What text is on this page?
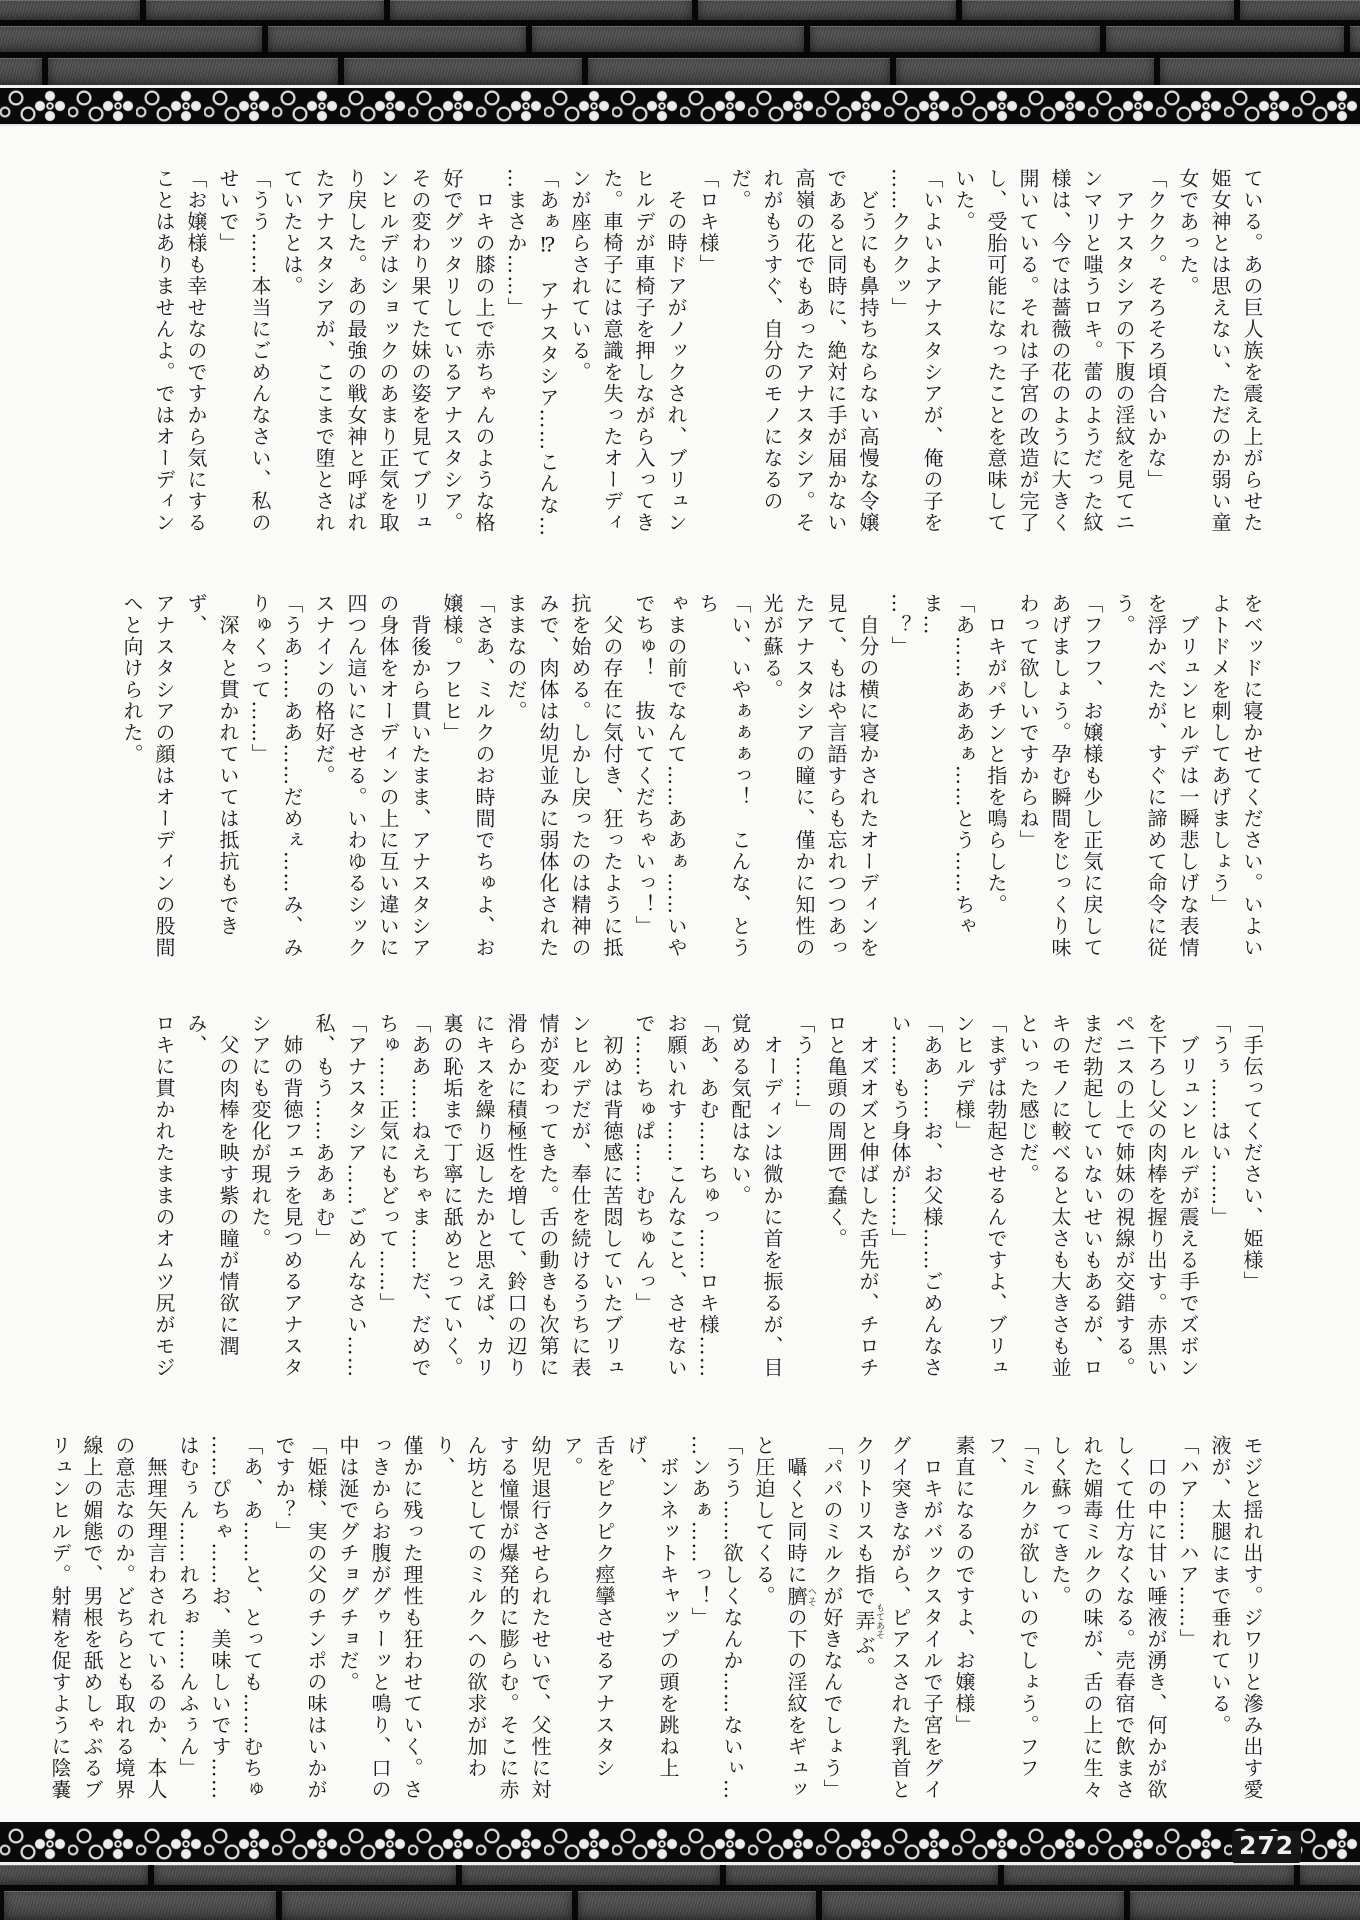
ている。あの巨人族を震え上がらせた
姫女神とは思えない、ただのか弱い童
女であった。
「ククク。そろそろ頃合いかな」
　アナスタシアの下腹の淫紋を見てニ
ンマリと嗤うロキ。蕾のようだった紋
様は、今では薔薇の花のように大きく
開いている。それは子宮の改造が完了
し、受胎可能になったことを意味して
いた。
「いよいよアナスタシアが、俺の子を
……クククッ」
　どうにも鼻持ちならない高慢な令嬢
であると同時に、絶対に手が届かない
高嶺の花でもあったアナスタシア。そ
れがもうすぐ、自分のモノになるのだ。
「ロキ様」
　その時ドアがノックされ、ブリュン
ヒルデが車椅子を押しながら入ってき
た。車椅子には意識を失ったオーディ
ンが座らされている。
「あぁ⁉　アナスタシア……こんな…
…まさか……」
　ロキの膝の上で赤ちゃんのような格
好でグッタリしているアナスタシア。
その変わり果てた妹の姿を見てブリュ
ンヒルデはショックのあまり正気を取
り戻した。あの最強の戦女神と呼ばれ
たアナスタシアが、ここまで堕とされ
ていたとは。
「うう……本当にごめんなさい、私の
せいで」
「お嬢様も幸せなのですから気にする
ことはありませんよ。ではオーディン
をベッドに寝かせてください。いよい
よトドメを刺してあげましょう」
　ブリュンヒルデは一瞬悲しげな表情
を浮かべたが、すぐに諦めて命令に従
う。
「フフフ、お嬢様も少し正気に戻して
あげましょう。孕む瞬間をじっくり味
わって欲しいですからね」
　ロキがパチンと指を鳴らした。
「あ……あああぁ……とう……ちゃま…
…？」
　自分の横に寝かされたオーディンを
見て、もはや言語すらも忘れつつあっ
たアナスタシアの瞳に、僅かに知性の
光が蘇る。
「い、いやぁぁぁっ！　こんな、とうち
ゃまの前でなんて……ああぁ……いや
でちゅ！　抜いてくだちゃいっ！」
　父の存在に気付き、狂ったように抵
抗を始める。しかし戻ったのは精神の
みで、肉体は幼児並みに弱体化された
ままなのだ。
「さあ、ミルクのお時間でちゅよ、お
嬢様。フヒヒ」
　背後から貫いたまま、アナスタシア
の身体をオーディンの上に互い違いに
四つん這いにさせる。いわゆるシック
スナインの格好だ。
「うあ……ああ……だめぇ……み、み
りゅくって……」
　深々と貫かれていては抵抗もできず、
アナスタシアの顔はオーディンの股間
へと向けられた。
「手伝ってください、姫様」
「うぅ……はい……」
　ブリュンヒルデが震える手でズボン
を下ろし父の肉棒を握り出す。赤黒い
ペニスの上で姉妹の視線が交錯する。
まだ勃起していないせいもあるが、ロ
キのモノに較べると太さも大きさも並
といった感じだ。
「まずは勃起させるんですよ、ブリュ
ンヒルデ様」
「ああ……お、お父様……ごめんなさ
い……もう身体が……」
　オズオズと伸ばした舌先が、チロチ
ロと亀頭の周囲で蠢く。
「う……」
　オーディンは微かに首を振るが、目
覚める気配はない。
「あ、あむ……ちゅっ……ロキ様……
お願いれす……こんなこと、させない
で……ちゅぱ……むちゅんっ」
　初めは背徳感に苦悶していたブリュ
ンヒルデだが、奉仕を続けるうちに表
情が変わってきた。舌の動きも次第に
滑らかに積極性を増して、鈴口の辺り
にキスを繰り返したかと思えば、カリ
裏の恥垢まで丁寧に舐めとっていく。
「ああ……ねえちゃま……だ、だめで
ちゅ……正気にもどって……」
「アナスタシア……ごめんなさい……
私、もう……ああぁむ」
　姉の背徳フェラを見つめるアナスタ
シアにも変化が現れた。
　父の肉棒を映す紫の瞳が情欲に潤み、
ロキに貫かれたままのオムツ尻がモジ
モジと揺れ出す。ジワリと滲み出す愛
液が、太腿にまで垂れている。
「ハア……ハア……」
　口の中に甘い唾液が湧き、何かが欲
しくて仕方なくなる。売春宿で飲まさ
れた媚毒ミルクの味が、舌の上に生々
しく蘇ってきた。
「ミルクが欲しいのでしょう。フフフ、
素直になるのですよ、お嬢様」
　ロキがバックスタイルで子宮をグイ
グイ突きながら、ピアスされた乳首と
クリトリスも指で弄もてあそぶ。
「パパのミルクが好きなんでしょう」
　囁くと同時に臍へその下の淫紋をギュッ
と圧迫してくる。
「うう……欲しくなんか……ないぃ…
…ンあぁ……っ！」
　ボンネットキャップの頭を跳ね上げ、
舌をピクピク痙攣させるアナスタシア。
幼児退行させられたせいで、父性に対
する憧憬が爆発的に膨らむ。そこに赤
ん坊としてのミルクへの欲求が加わり、
僅かに残った理性も狂わせていく。さ
っきからお腹がグゥーッと鳴り、口の
中は涎でグチョグチョだ。
「姫様、実の父のチンポの味はいかが
ですか？」
「あ、あ……と、とっても……むちゅ
……ぴちゃ……お、美味しいです……
はむぅん……れろぉ……んふぅん」
　無理矢理言わされているのか、本人
の意志なのか。どちらとも取れる境界
線上の媚態で、男根を舐めしゃぶるブ
リュンヒルデ。射精を促すように陰嚢
272
